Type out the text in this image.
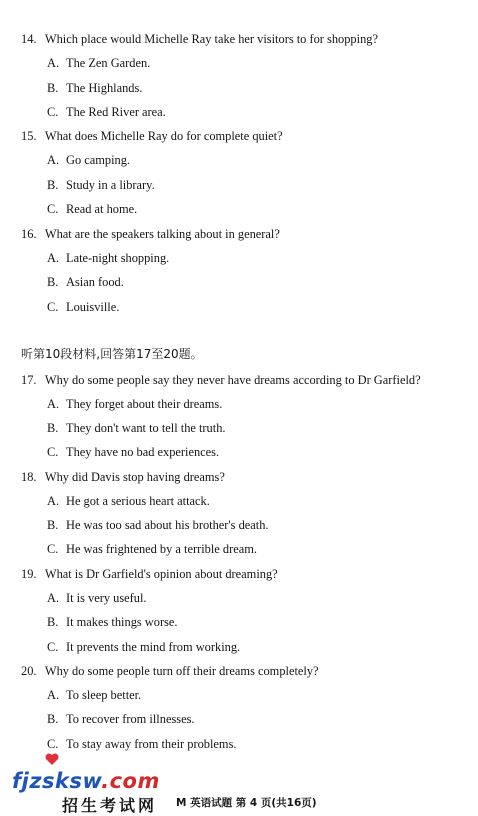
14. Which place would Michelle Ray take her visitors to for shopping?
A. The Zen Garden.
B. The Highlands.
C. The Red River area.
15. What does Michelle Ray do for complete quiet?
A. Go camping.
B. Study in a library.
C. Read at home.
16. What are the speakers talking about in general?
A. Late-night shopping.
B. Asian food.
C. Louisville.
听第10段材料,回答第17至20题。
17. Why do some people say they never have dreams according to Dr Garfield?
A. They forget about their dreams.
B. They don't want to tell the truth.
C. They have no bad experiences.
18. Why did Davis stop having dreams?
A. He got a serious heart attack.
B. He was too sad about his brother's death.
C. He was frightened by a terrible dream.
19. What is Dr Garfield's opinion about dreaming?
A. It is very useful.
B. It makes things worse.
C. It prevents the mind from working.
20. Why do some people turn off their dreams completely?
A. To sleep better.
B. To recover from illnesses.
C. To stay away from their problems.
fjzsksw.com
招生考试网 M 英语试题 第 4 页(共16页)
